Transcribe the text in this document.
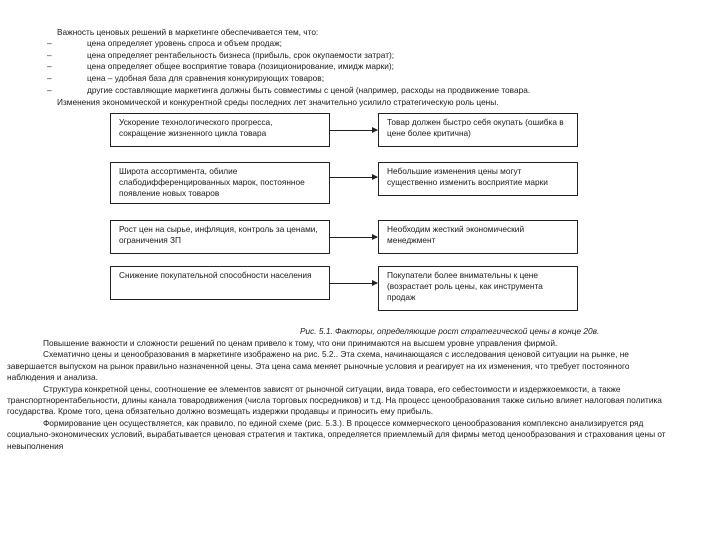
Важность ценовых решений в маркетинге обеспечивается тем, что:
–	цена определяет уровень спроса и объем продаж;
–	цена определяет рентабельность бизнеса (прибыль, срок окупаемости затрат);
–	цена определяет общее восприятие товара (позиционирование, имидж марки);
–	цена – удобная база для сравнения конкурирующих товаров;
–	другие составляющие маркетинга должны быть совместимы с ценой (например, расходы на продвижение товара.
Изменения экономической и конкурентной среды последних лет значительно усилило стратегическую роль цены.
Ускорение технологического прогресса, сокращение жизненного цикла товара
Товар должен быстро себя окупать (ошибка в цене более критична)
Широта ассортимента, обилие слабодифференцированных марок, постоянное появление новых товаров
Небольшие изменения цены могут существенно изменить восприятие марки
Рост цен на сырье, инфляция, контроль за ценами, ограничения ЗП
Необходим жесткий экономический менеджмент
Снижение покупательной способности населения	Покупатели более внимательны к цене (возрастает роль цены, как инструмента продаж
Рис. 5.1. Факторы, определяющие рост стратегической цены в конце 20в.

Повышение важности и сложности решений по ценам привело к тому, что они принимаются на высшем уровне управления фирмой.

Схематично цены и ценообразования в маркетинге изображено на рис. 5.2.. Эта схема, начинающаяся с исследования ценовой ситуации на рынке, не завершается выпуском на рынок правильно назначенной цены. Эта цена сама меняет рыночные условия и реагирует на их изменения, что требует постоянного наблюдения и анализа.

Структура конкретной цены, соотношение ее элементов зависят от рыночной ситуации, вида товара, его себестоимости и издержкоемкости, а также транспортнорентабельности, длины канала товародвижения (числа торговых посредников) и т.д. На процесс ценообразования также сильно влияет налоговая политика государства. Кроме того, цена обязательно должно возмещать издержки продавцы и приносить ему прибыль.

Формирование цен осуществляется, как правило, по единой схеме (рис. 5.3.). В процессе коммерческого ценообразования комплексно анализируется ряд социально-экономических условий, вырабатывается ценовая стратегия и тактика, определяется приемлемый для фирмы метод ценообразования и страхования цены от невыполнения
